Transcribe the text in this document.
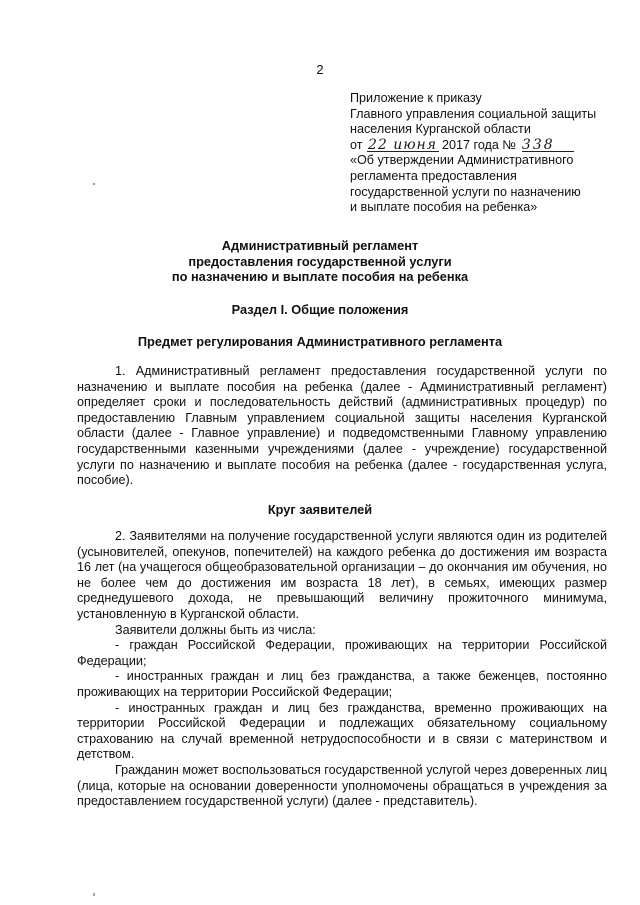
2
Приложение к приказу
Главного управления социальной защиты
населения Курганской области
от 22 июня 2017 года № 338
«Об утверждении Административного
регламента предоставления
государственной услуги по назначению
и выплате пособия на ребенка»
Административный регламент
предоставления государственной услуги
по назначению и выплате пособия на ребенка
Раздел I. Общие положения
Предмет регулирования Административного регламента

1. Административный регламент предоставления государственной услуги по назначению и выплате пособия на ребенка (далее - Административный регламент) определяет сроки и последовательность действий (административных процедур) по предоставлению Главным управлением социальной защиты населения Курганской области (далее - Главное управление) и подведомственными Главному управлению государственными казенными учреждениями (далее - учреждение) государственной услуги по назначению и выплате пособия на ребенка (далее - государственная услуга, пособие).

Круг заявителей

2. Заявителями на получение государственной услуги являются один из родителей (усыновителей, опекунов, попечителей) на каждого ребенка до достижения им возраста 16 лет (на учащегося общеобразовательной организации – до окончания им обучения, но не более чем до достижения им возраста 18 лет), в семьях, имеющих размер среднедушевого дохода, не превышающий величину прожиточного минимума, установленную в Курганской области.

Заявители должны быть из числа:

- граждан Российской Федерации, проживающих на территории Российской Федерации;

- иностранных граждан и лиц без гражданства, а также беженцев, постоянно проживающих на территории Российской Федерации;

- иностранных граждан и лиц без гражданства, временно проживающих на территории Российской Федерации и подлежащих обязательному социальному страхованию на случай временной нетрудоспособности и в связи с материнством и детством.

Гражданин может воспользоваться государственной услугой через доверенных лиц (лица, которые на основании доверенности уполномочены обращаться в учреждения за предоставлением государственной услуги) (далее - представитель).
